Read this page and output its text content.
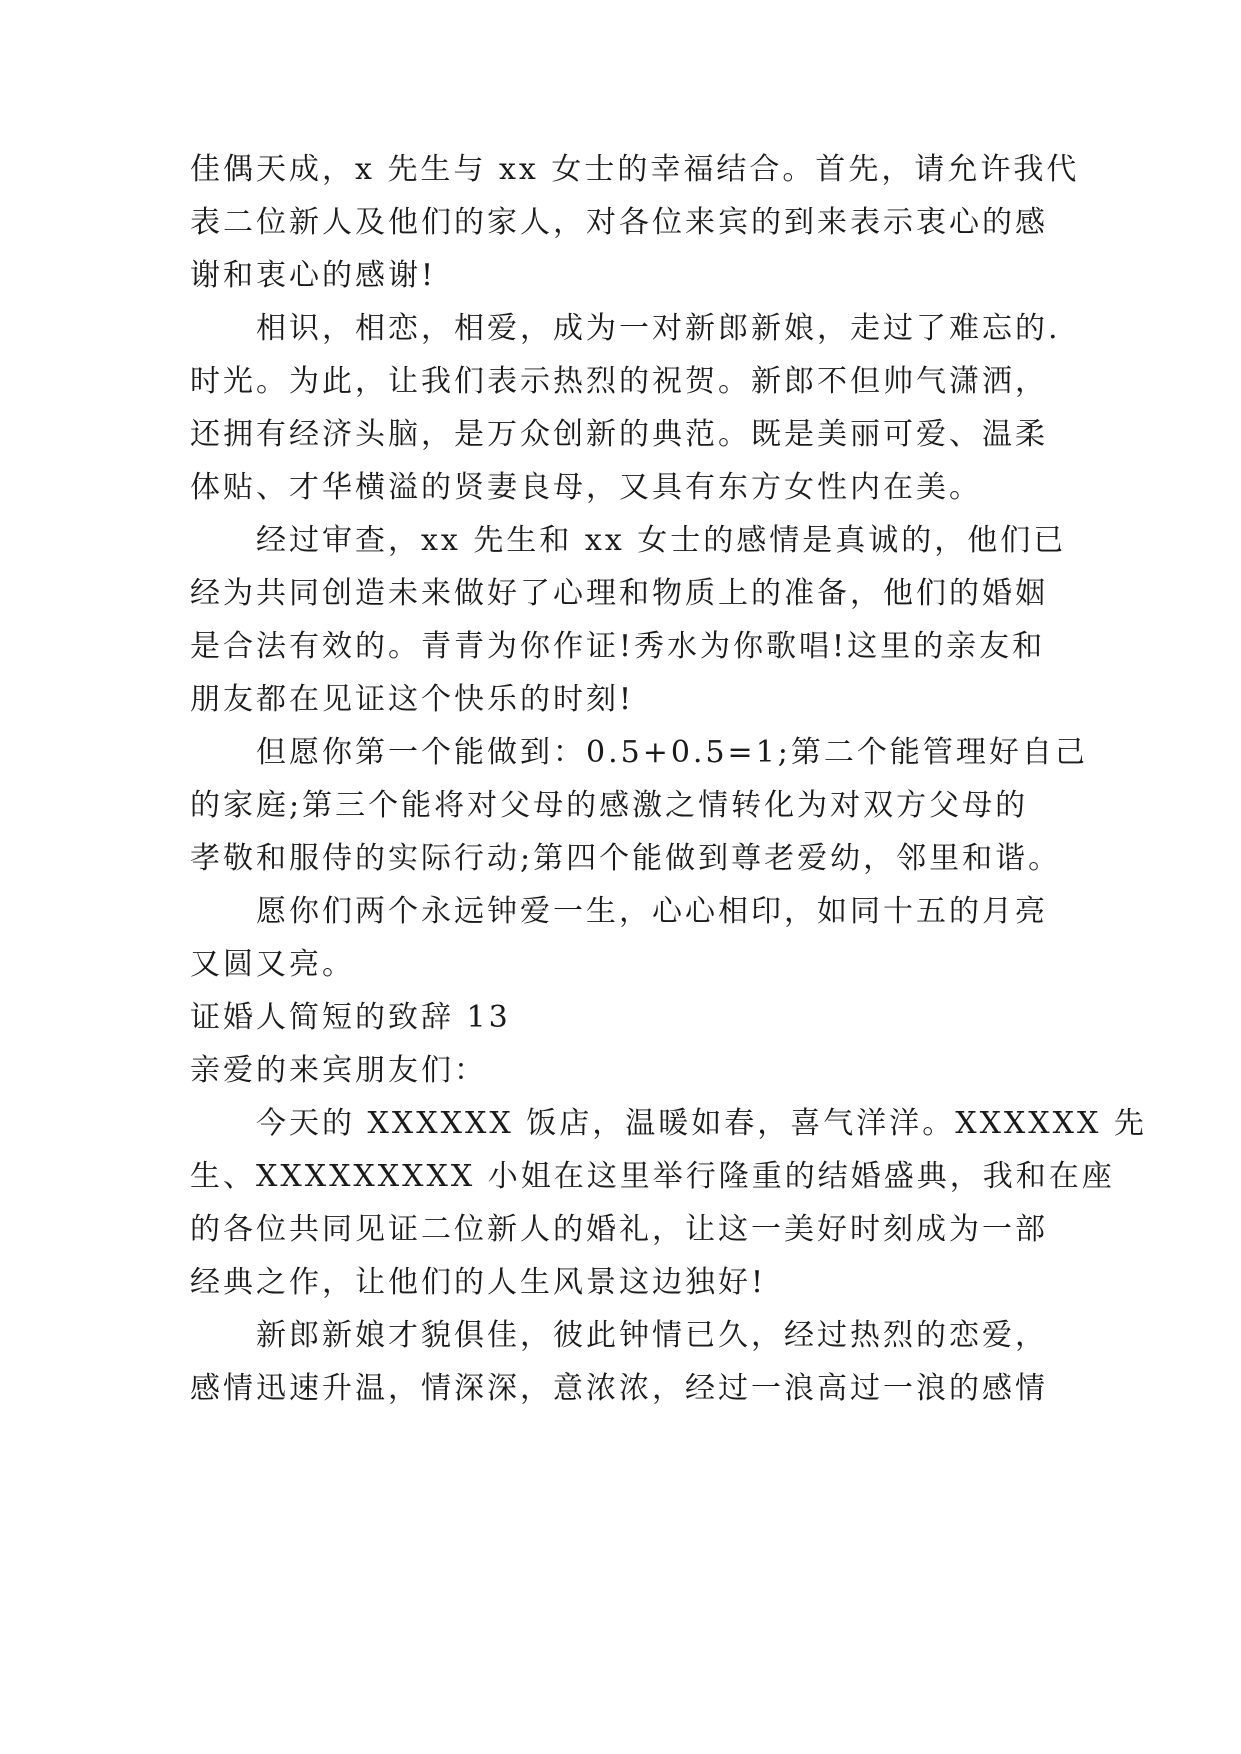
佳偶天成，x 先生与 xx 女士的幸福结合。首先，请允许我代
表二位新人及他们的家人，对各位来宾的到来表示衷心的感
谢和衷心的感谢!
相识，相恋，相爱，成为一对新郎新娘，走过了难忘的.
时光。为此，让我们表示热烈的祝贺。新郎不但帅气潇洒，
还拥有经济头脑，是万众创新的典范。既是美丽可爱、温柔
体贴、才华横溢的贤妻良母，又具有东方女性内在美。
经过审查，xx 先生和 xx 女士的感情是真诚的，他们已
经为共同创造未来做好了心理和物质上的准备，他们的婚姻
是合法有效的。青青为你作证!秀水为你歌唱!这里的亲友和
朋友都在见证这个快乐的时刻!
但愿你第一个能做到：0.5+0.5=1;第二个能管理好自己
的家庭;第三个能将对父母的感激之情转化为对双方父母的
孝敬和服侍的实际行动;第四个能做到尊老爱幼，邻里和谐。
愿你们两个永远钟爱一生，心心相印，如同十五的月亮
又圆又亮。
证婚人简短的致辞 13
亲爱的来宾朋友们：
今天的 XXXXXX 饭店，温暖如春，喜气洋洋。XXXXXX 先
生、XXXXXXXXX 小姐在这里举行隆重的结婚盛典，我和在座
的各位共同见证二位新人的婚礼，让这一美好时刻成为一部
经典之作，让他们的人生风景这边独好!
新郎新娘才貌俱佳，彼此钟情已久，经过热烈的恋爱，
感情迅速升温，情深深，意浓浓，经过一浪高过一浪的感情
